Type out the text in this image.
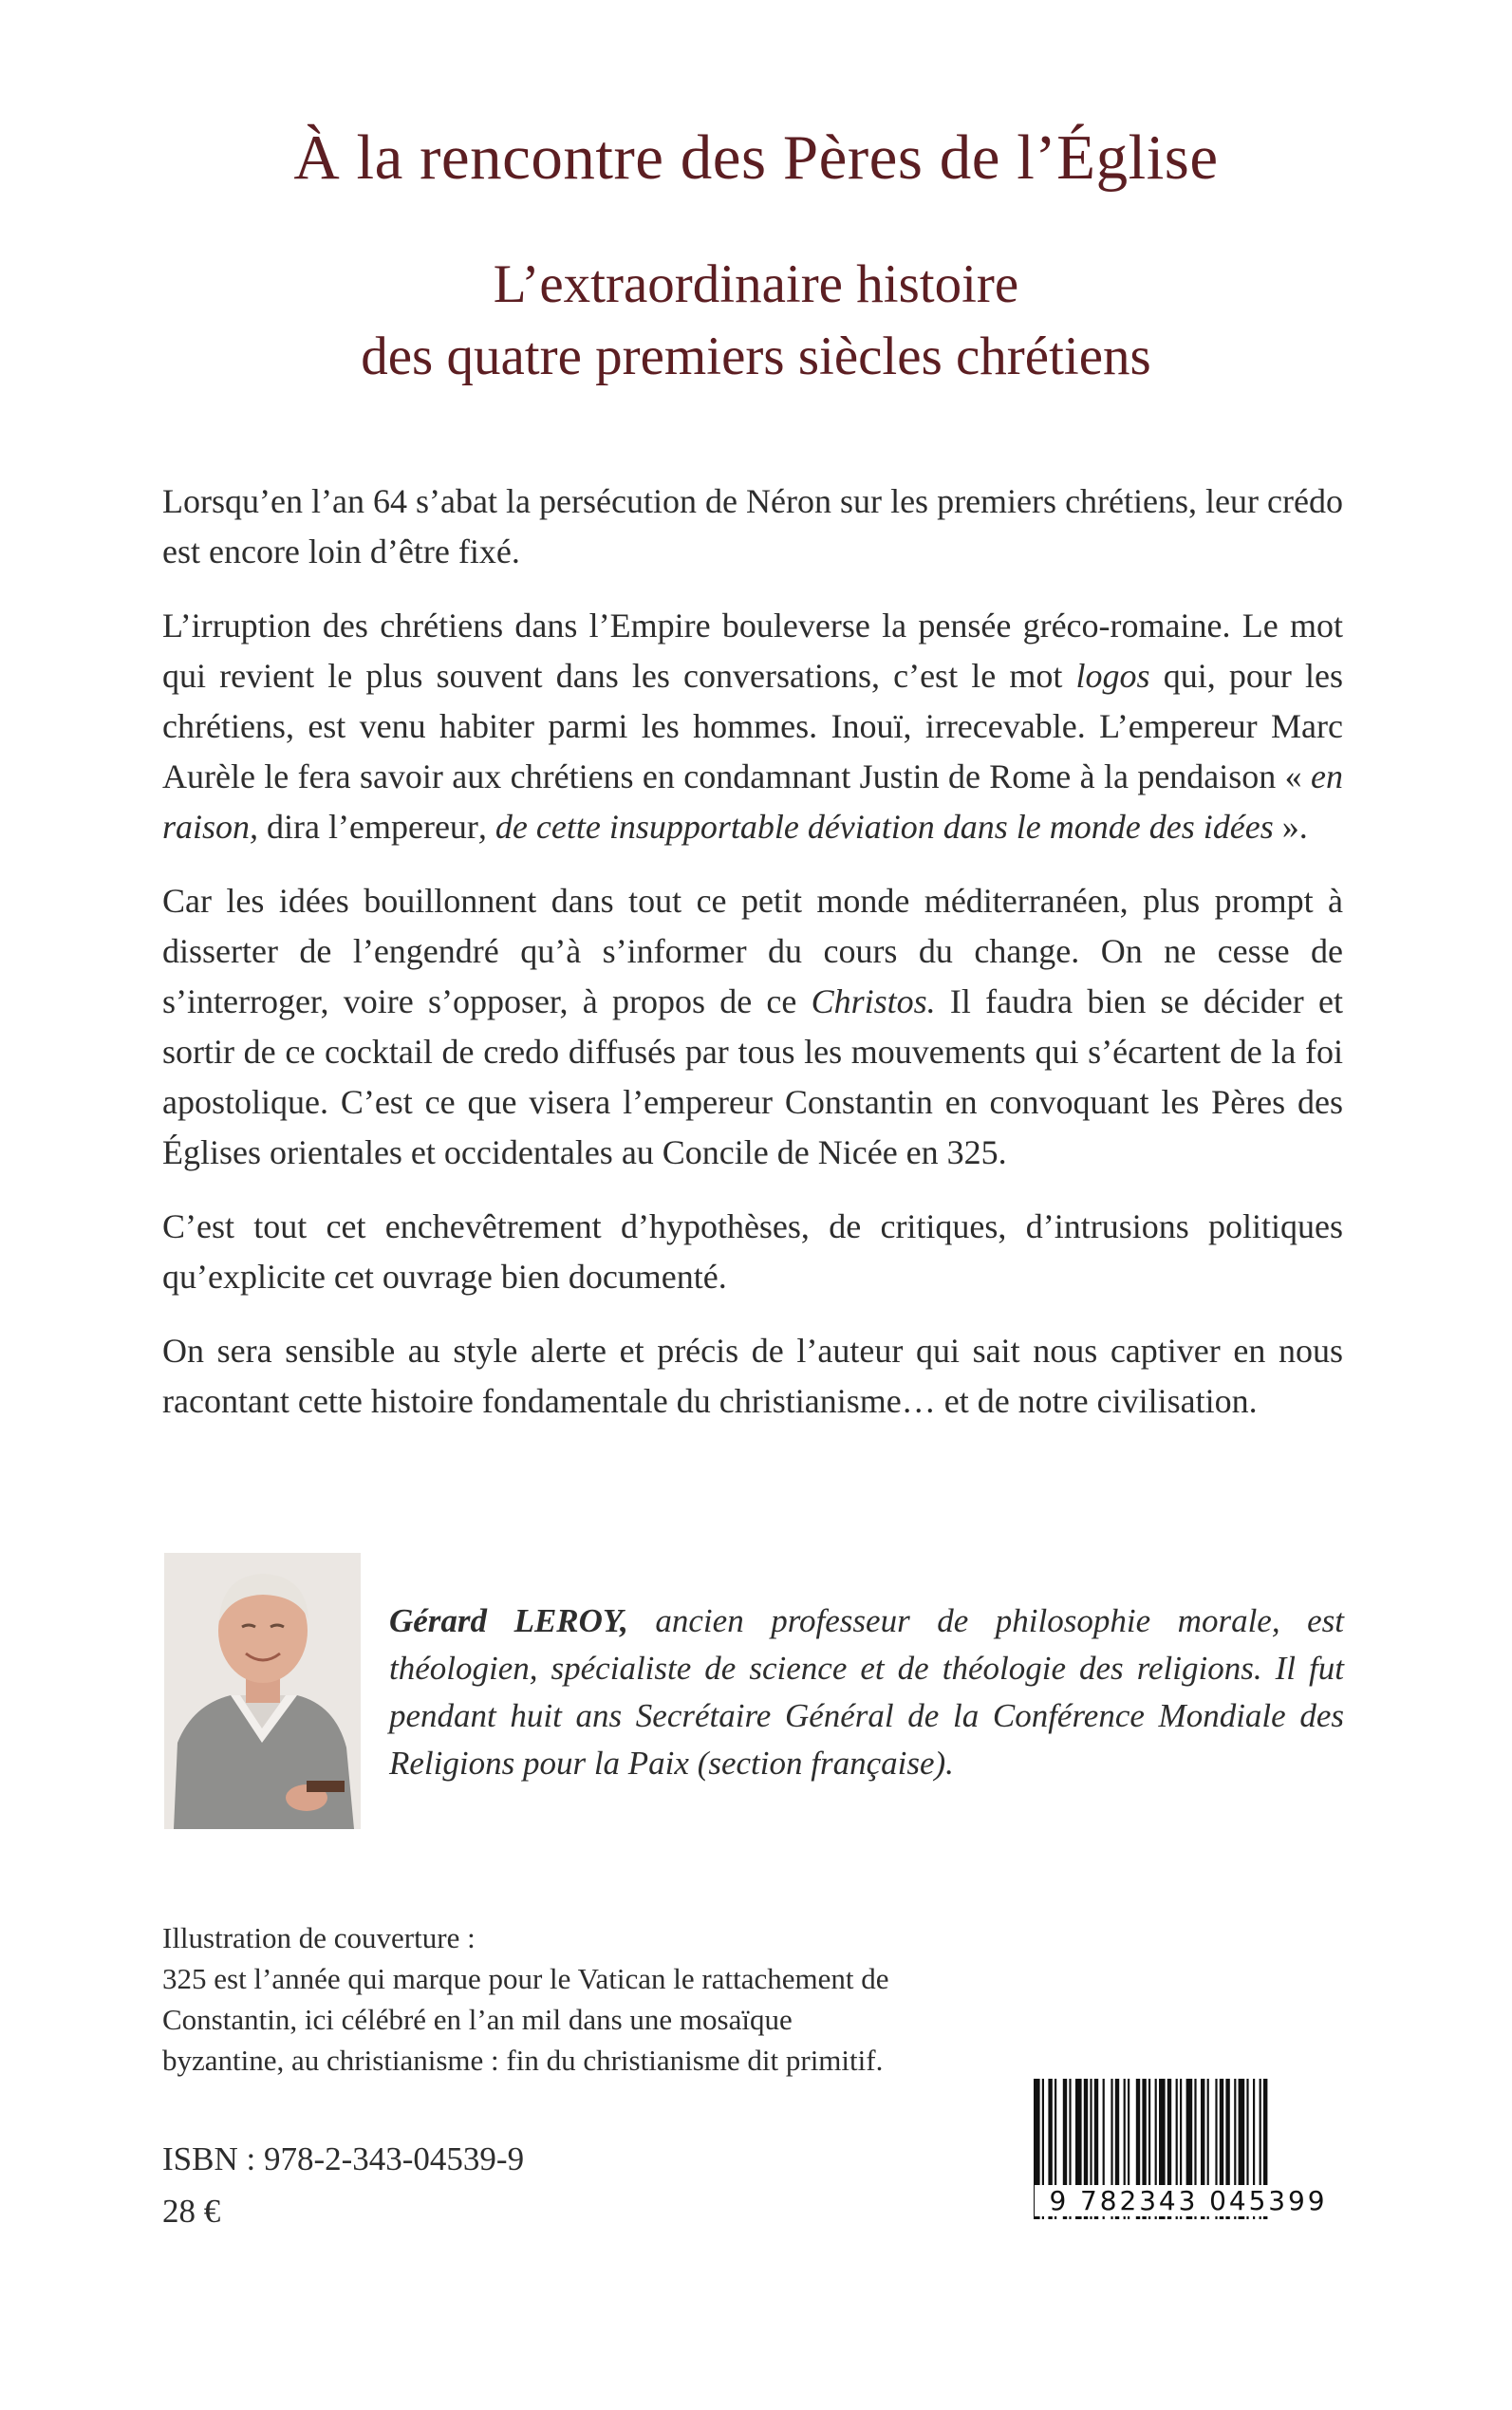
À la rencontre des Pères de l’Église
L’extraordinaire histoire
des quatre premiers siècles chrétiens

Lorsqu’en l’an 64 s’abat la persécution de Néron sur les premiers chrétiens, leur crédo est encore loin d’être fixé.

L’irruption des chrétiens dans l’Empire bouleverse la pensée gréco-romaine. Le mot qui revient le plus souvent dans les conversations, c’est le mot logos qui, pour les chrétiens, est venu habiter parmi les hommes. Inouï, irrecevable. L’empereur Marc Aurèle le fera savoir aux chrétiens en condamnant Justin de Rome à la pendaison « en raison, dira l’empereur, de cette insupportable déviation dans le monde des idées ».

Car les idées bouillonnent dans tout ce petit monde méditerranéen, plus prompt à disserter de l’engendré qu’à s’informer du cours du change. On ne cesse de s’interroger, voire s’opposer, à propos de ce Christos. Il faudra bien se décider et sortir de ce cocktail de credo diffusés par tous les mouvements qui s’écartent de la foi apostolique. C’est ce que visera l’empereur Constantin en convoquant les Pères des Églises orientales et occidentales au Concile de Nicée en 325.

C’est tout cet enchevêtrement d’hypothèses, de critiques, d’intrusions politiques qu’explicite cet ouvrage bien documenté.

On sera sensible au style alerte et précis de l’auteur qui sait nous captiver en nous racontant cette histoire fondamentale du christianisme… et de notre civilisation.

Gérard LEROY, ancien professeur de philosophie morale, est théologien, spécialiste de science et de théologie des religions. Il fut pendant huit ans Secrétaire Général de la Conférence Mondiale des Religions pour la Paix (section française).
Illustration de couverture :
325 est l’année qui marque pour le Vatican le rattachement de Constantin, ici célébré en l’an mil dans une mosaïque byzantine, au christianisme : fin du christianisme dit primitif.
ISBN : 978-2-343-04539-9
28 €	9 782343 045399
